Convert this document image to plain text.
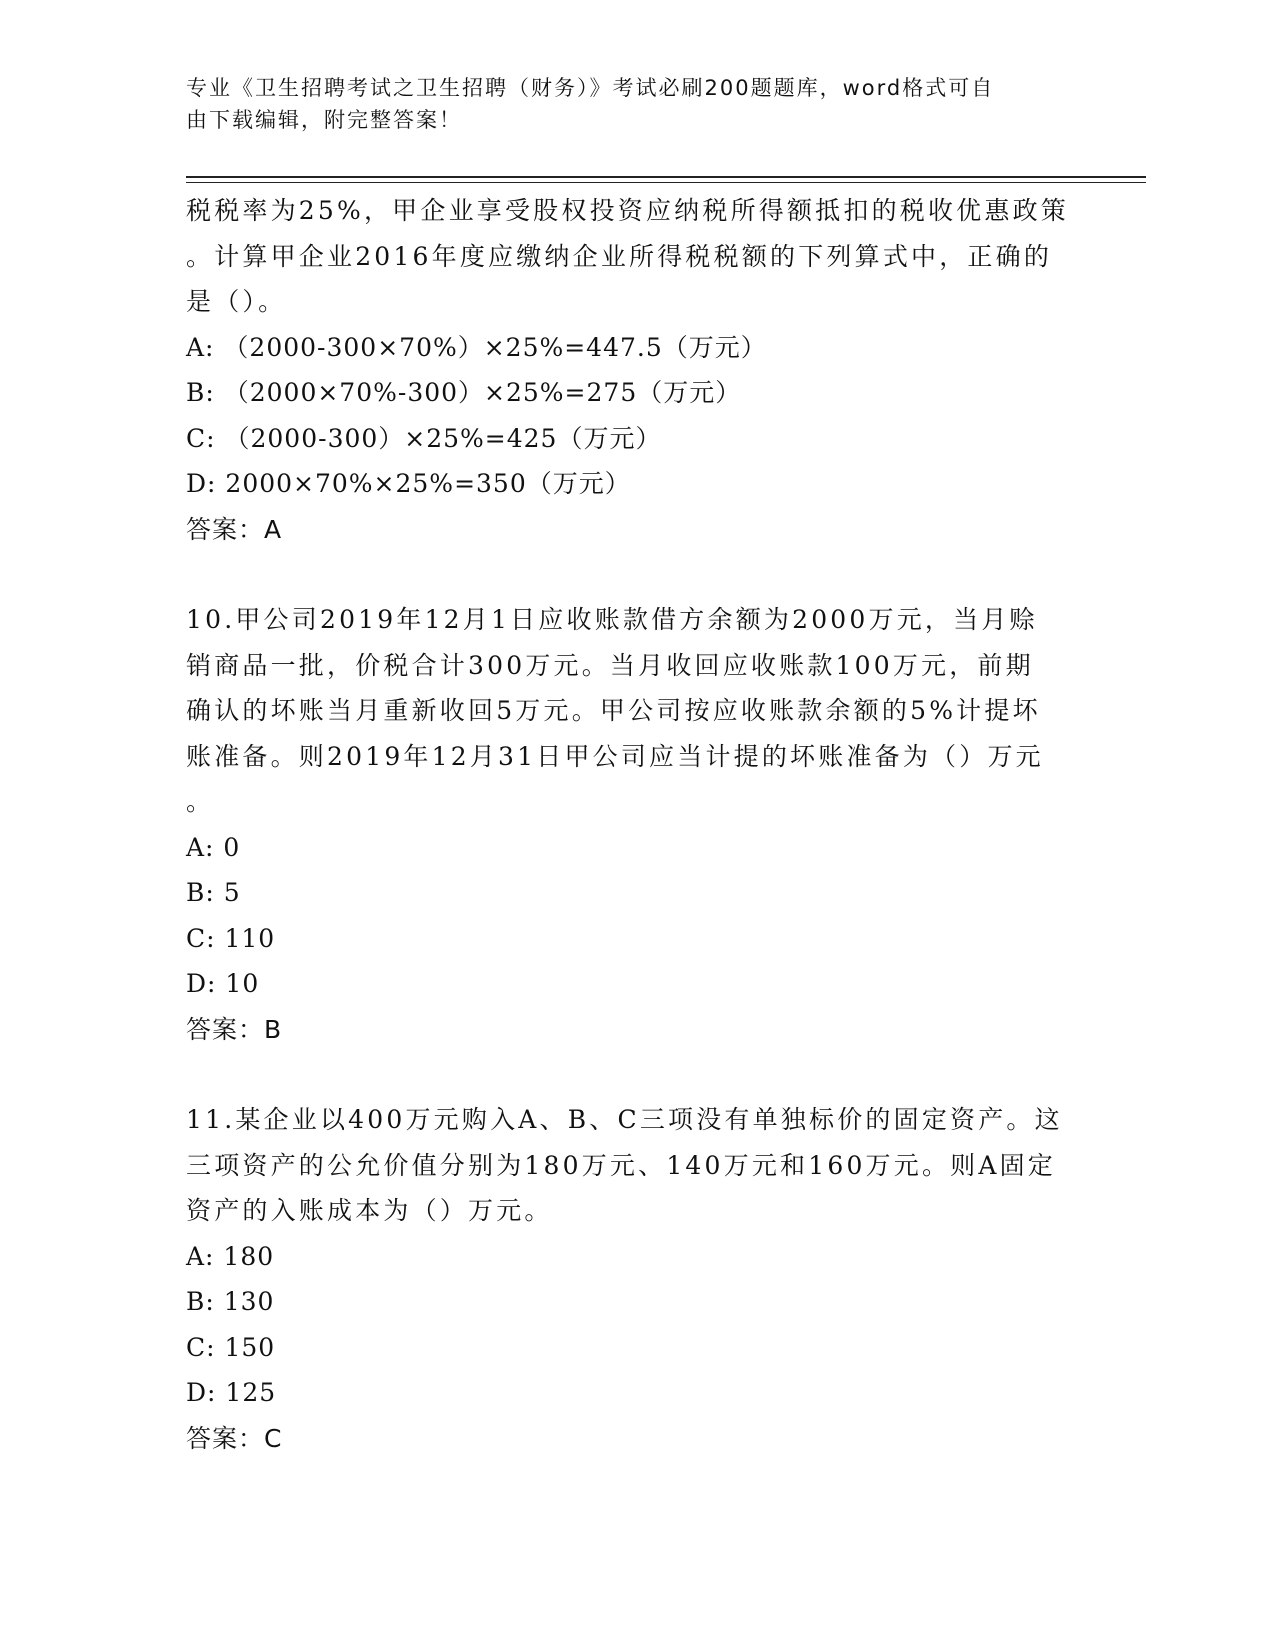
专业《卫生招聘考试之卫生招聘（财务）》考试必刷200题题库，word格式可自
由下载编辑，附完整答案！

税税率为25%，甲企业享受股权投资应纳税所得额抵扣的税收优惠政策

。计算甲企业2016年度应缴纳企业所得税税额的下列算式中，正确的

是（）。

A: （2000-300×70%）×25%=447.5（万元）

B: （2000×70%-300）×25%=275（万元）

C: （2000-300）×25%=425（万元）

D: 2000×70%×25%=350（万元）

答案：A

10.甲公司2019年12月1日应收账款借方余额为2000万元，当月赊

销商品一批，价税合计300万元。当月收回应收账款100万元，前期

确认的坏账当月重新收回5万元。甲公司按应收账款余额的5%计提坏

账准备。则2019年12月31日甲公司应当计提的坏账准备为（）万元

。

A: 0

B: 5

C: 110

D: 10

答案：B

11.某企业以400万元购入A、B、C三项没有单独标价的固定资产。这

三项资产的公允价值分别为180万元、140万元和160万元。则A固定

资产的入账成本为（）万元。

A: 180

B: 130

C: 150

D: 125

答案：C
